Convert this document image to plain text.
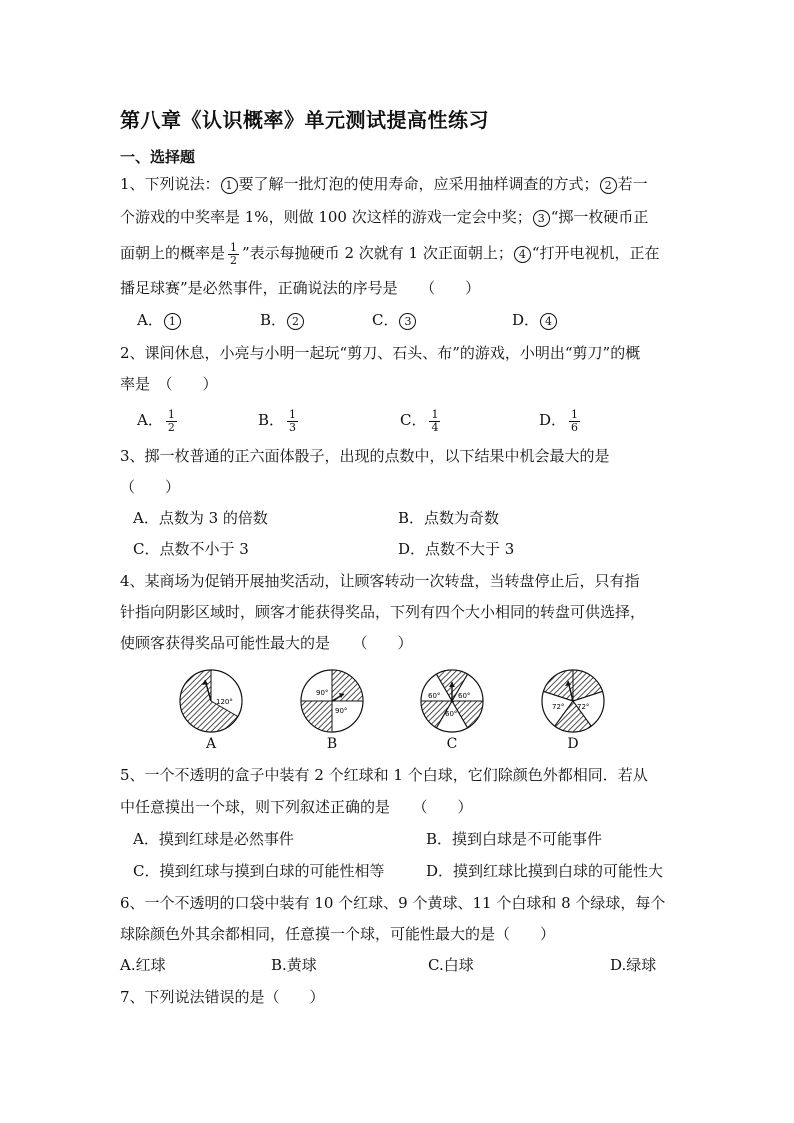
第八章《认识概率》单元测试提高性练习
一、选择题
1、下列说法： 1 要了解一批灯泡的使用寿命，应采用抽样调查的方式； 2 若一
个游戏的中奖率是 1%，则做 100 次这样的游戏一定会中奖； 3 “掷一枚硬币正
面朝上的概率是 $\frac{1}{2}$ ”表示每抛硬币 2 次就有 1 次正面朝上； 4 “打开电视机，正在
播足球赛”是必然事件，正确说法的序号是　　（　　）
A． 1	B． 2	C． 3	D． 4
2、课间休息，小亮与小明一起玩“剪刀、石头、布”的游戏，小明出“剪刀”的概
率是　（　　）
A． $\frac{1}{2}$	B． $\frac{1}{3}$	C． $\frac{1}{4}$	D． $\frac{1}{6}$
3、掷一枚普通的正六面体骰子，出现的点数中，以下结果中机会最大的是
（　　）
A．点数为 3 的倍数	B．点数为奇数
C．点数不小于 3	D．点数不大于 3
4、某商场为促销开展抽奖活动，让顾客转动一次转盘，当转盘停止后，只有指
针指向阴影区域时，顾客才能获得奖品，下列有四个大小相同的转盘可供选择，
使顾客获得奖品可能性最大的是　　（　　）
120°
A
90°
90°
B
60°	60°
60°
C
72° 72°
D
5、一个不透明的盒子中装有 2 个红球和 1 个白球，它们除颜色外都相同．若从
中任意摸出一个球，则下列叙述正确的是　　（　　）
A．摸到红球是必然事件	B．摸到白球是不可能事件
C．摸到红球与摸到白球的可能性相等	D．摸到红球比摸到白球的可能性大
6、一个不透明的口袋中装有 10 个红球、9 个黄球、11 个白球和 8 个绿球，每个
球除颜色外其余都相同，任意摸一个球，可能性最大的是（　　）
A.红球	B.黄球	C.白球	D.绿球
7、下列说法错误的是（　　）
